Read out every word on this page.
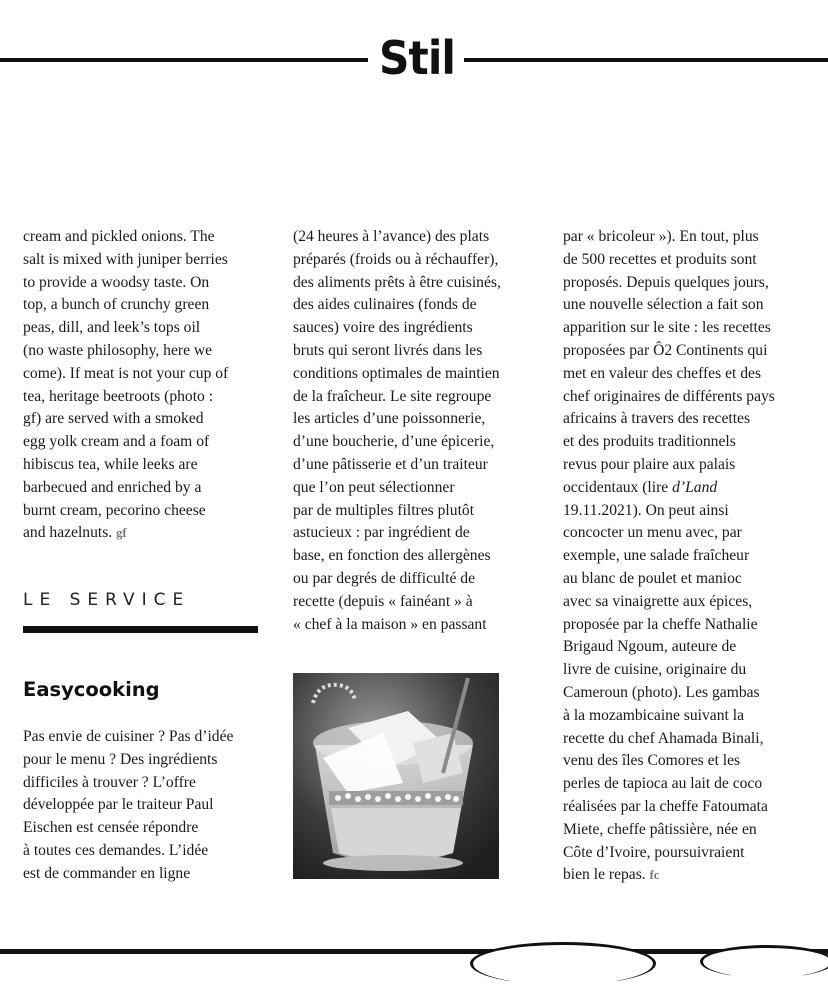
Stil

cream and pickled onions. The
salt is mixed with juniper berries
to provide a woodsy taste. On
top, a bunch of crunchy green
peas, dill, and leek’s tops oil
(no waste philosophy, here we
come). If meat is not your cup of
tea, heritage beetroots (photo :
gf) are served with a smoked
egg yolk cream and a foam of
hibiscus tea, while leeks are
barbecued and enriched by a
burnt cream, pecorino cheese
and hazelnuts. gf

LE SERVICE
Easycooking

Pas envie de cuisiner ? Pas d’idée
pour le menu ? Des ingrédients
difficiles à trouver ? L’offre
développée par le traiteur Paul
Eischen est censée répondre
à toutes ces demandes. L’idée
est de commander en ligne

(24 heures à l’avance) des plats
préparés (froids ou à réchauffer),
des aliments prêts à être cuisinés,
des aides culinaires (fonds de
sauces) voire des ingrédients
bruts qui seront livrés dans les
conditions optimales de maintien
de la fraîcheur. Le site regroupe
les articles d’une poissonnerie,
d’une boucherie, d’une épicerie,
d’une pâtisserie et d’un traiteur
que l’on peut sélectionner
par de multiples filtres plutôt
astucieux : par ingrédient de
base, en fonction des allergènes
ou par degrés de difficulté de
recette (depuis « fainéant » à
« chef à la maison » en passant

par « bricoleur »). En tout, plus
de 500 recettes et produits sont
proposés. Depuis quelques jours,
une nouvelle sélection a fait son
apparition sur le site : les recettes
proposées par Ô2 Continents qui
met en valeur des cheffes et des
chef originaires de différents pays
africains à travers des recettes
et des produits traditionnels
revus pour plaire aux palais
occidentaux (lire d’Land
19.11.2021). On peut ainsi
concocter un menu avec, par
exemple, une salade fraîcheur
au blanc de poulet et manioc
avec sa vinaigrette aux épices,
proposée par la cheffe Nathalie
Brigaud Ngoum, auteure de
livre de cuisine, originaire du
Cameroun (photo). Les gambas
à la mozambicaine suivant la
recette du chef Ahamada Binali,
venu des îles Comores et les
perles de tapioca au lait de coco
réalisées par la cheffe Fatoumata
Miete, cheffe pâtissière, née en
Côte d’Ivoire, poursuivraient
bien le repas. fc
